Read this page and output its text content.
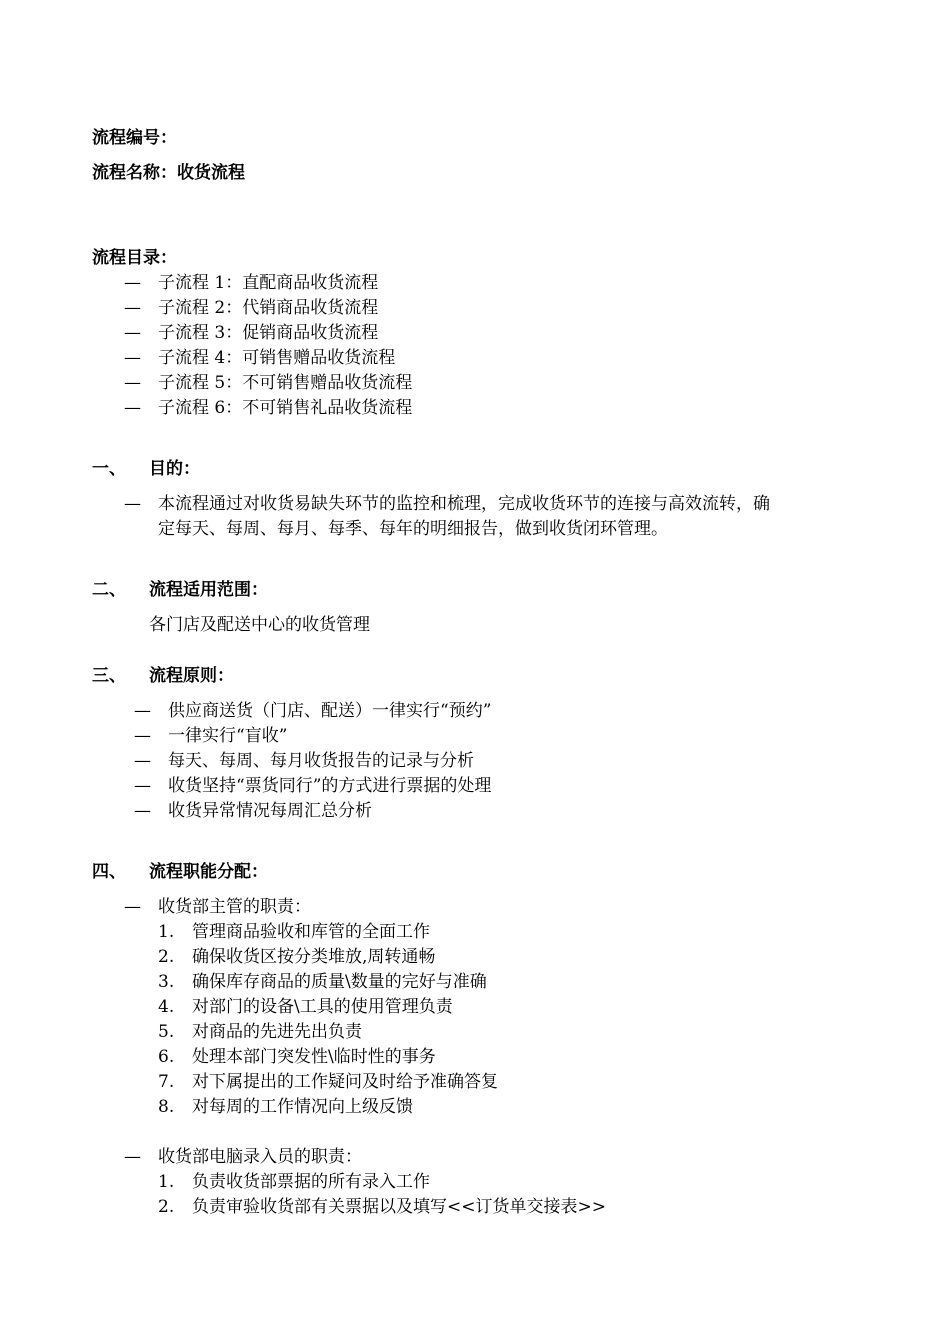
流程编号：
流程名称：收货流程
流程目录：
— 子流程 1：直配商品收货流程
— 子流程 2：代销商品收货流程
— 子流程 3：促销商品收货流程
— 子流程 4：可销售赠品收货流程
— 子流程 5：不可销售赠品收货流程
— 子流程 6：不可销售礼品收货流程
一、 目的：
— 本流程通过对收货易缺失环节的监控和梳理，完成收货环节的连接与高效流转，确
定每天、每周、每月、每季、每年的明细报告，做到收货闭环管理。
二、 流程适用范围：
各门店及配送中心的收货管理
三、 流程原则：
— 供应商送货（门店、配送）一律实行“预约”
— 一律实行“盲收”
— 每天、每周、每月收货报告的记录与分析
— 收货坚持“票货同行”的方式进行票据的处理
— 收货异常情况每周汇总分析
四、 流程职能分配：
— 收货部主管的职责：
1. 管理商品验收和库管的全面工作
2. 确保收货区按分类堆放,周转通畅
3. 确保库存商品的质量\数量的完好与准确
4. 对部门的设备\工具的使用管理负责
5. 对商品的先进先出负责
6. 处理本部门突发性\临时性的事务
7. 对下属提出的工作疑问及时给予准确答复
8. 对每周的工作情况向上级反馈
— 收货部电脑录入员的职责：
1. 负责收货部票据的所有录入工作
2. 负责审验收货部有关票据以及填写<<订货单交接表>>
